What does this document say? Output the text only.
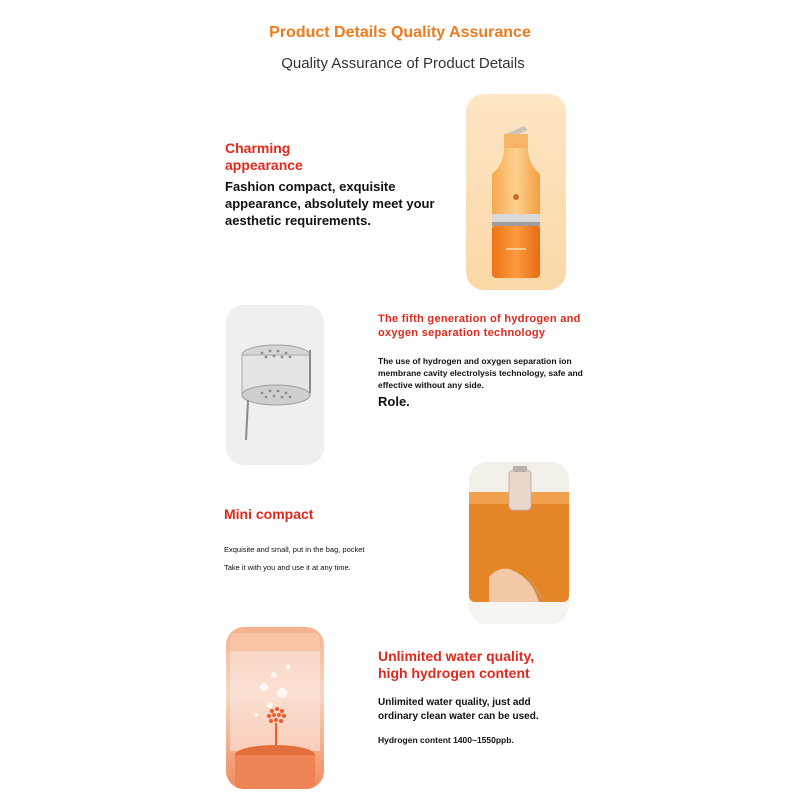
Product Details Quality Assurance
Quality Assurance of Product Details
Charming
appearance
Fashion compact, exquisite
appearance, absolutely meet your
aesthetic requirements.
The fifth generation of hydrogen and
oxygen separation technology
The use of hydrogen and oxygen separation ion
membrane cavity electrolysis technology, safe and
effective without any side.
Role.
Mini compact
Exquisite and small, put in the bag, pocket
Take it with you and use it at any time.
Unlimited water quality,
high hydrogen content
Unlimited water quality, just add
ordinary clean water can be used.
Hydrogen content 1400~1550ppb.
